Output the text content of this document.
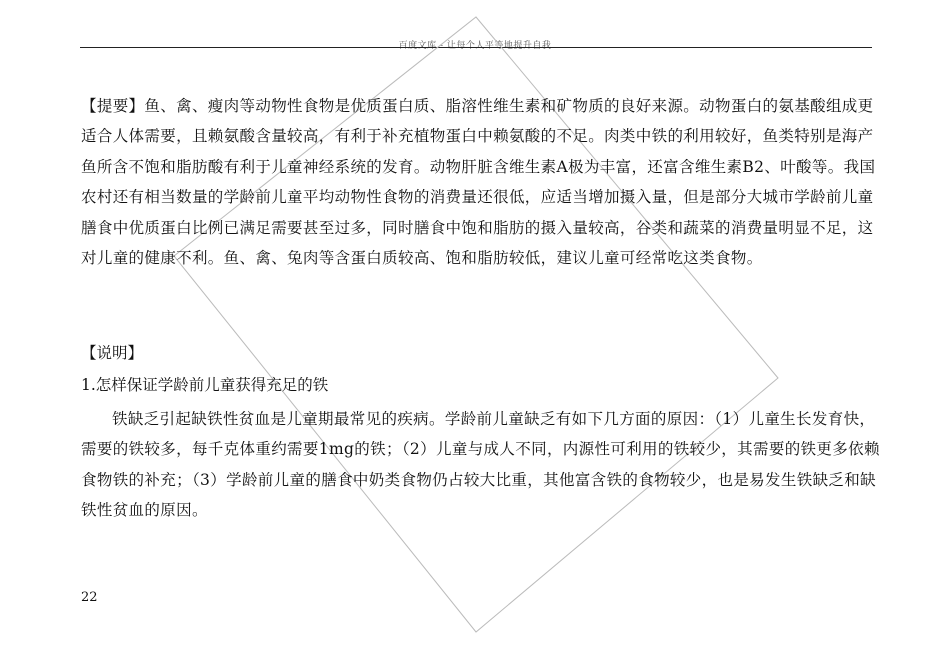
百度文库 - 让每个人平等地提升自我

【提要】鱼、禽、瘦肉等动物性食物是优质蛋白质、脂溶性维生素和矿物质的良好来源。动物蛋白的氨基酸组成更适合人体需要，且赖氨酸含量较高，有利于补充植物蛋白中赖氨酸的不足。肉类中铁的利用较好，鱼类特别是海产鱼所含不饱和脂肪酸有利于儿童神经系统的发育。动物肝脏含维生素A极为丰富，还富含维生素B2、叶酸等。我国农村还有相当数量的学龄前儿童平均动物性食物的消费量还很低，应适当增加摄入量，但是部分大城市学龄前儿童膳食中优质蛋白比例已满足需要甚至过多，同时膳食中饱和脂肪的摄入量较高，谷类和蔬菜的消费量明显不足，这对儿童的健康不利。鱼、禽、兔肉等含蛋白质较高、饱和脂肪较低，建议儿童可经常吃这类食物。

【说明】
1.怎样保证学龄前儿童获得充足的铁

铁缺乏引起缺铁性贫血是儿童期最常见的疾病。学龄前儿童缺乏有如下几方面的原因：（1）儿童生长发育快，需要的铁较多，每千克体重约需要1mg的铁；（2）儿童与成人不同，内源性可利用的铁较少，其需要的铁更多依赖食物铁的补充；（3）学龄前儿童的膳食中奶类食物仍占较大比重，其他富含铁的食物较少，也是易发生铁缺乏和缺铁性贫血的原因。

22
